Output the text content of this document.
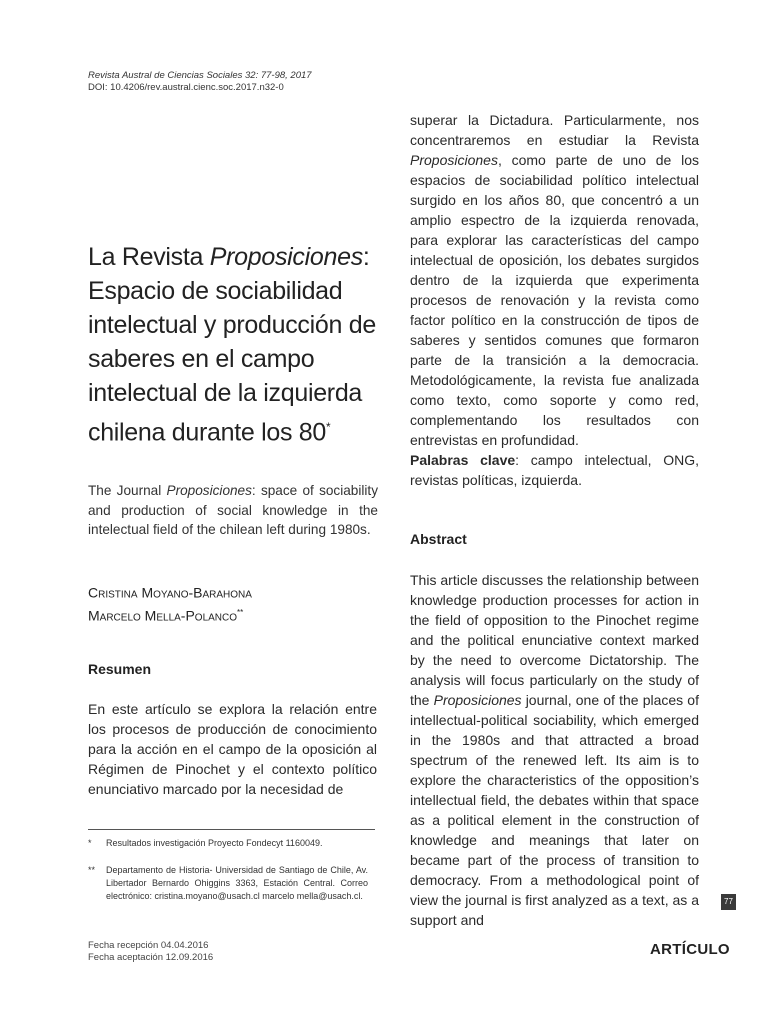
Revista Austral de Ciencias Sociales 32: 77-98, 2017
DOI: 10.4206/rev.austral.cienc.soc.2017.n32-0
La Revista Proposiciones: Espacio de sociabilidad intelectual y producción de saberes en el campo intelectual de la izquierda chilena durante los 80*
The Journal Proposiciones: space of sociability and production of social knowledge in the intelectual field of the chilean left during 1980s.
Cristina Moyano-Barahona
Marcelo Mella-Polanco**
Resumen
En este artículo se explora la relación entre los procesos de producción de conocimiento para la acción en el campo de la oposición al Régimen de Pinochet y el contexto político enunciativo marcado por la necesidad de
* Resultados investigación Proyecto Fondecyt 1160049.
** Departamento de Historia- Universidad de Santiago de Chile, Av. Libertador Bernardo Ohiggins 3363, Estación Central. Correo electrónico: cristina.moyano@usach.cl marcelo mella@usach.cl.
Fecha recepción 04.04.2016
Fecha aceptación 12.09.2016
superar la Dictadura. Particularmente, nos concentraremos en estudiar la Revista Proposiciones, como parte de uno de los espacios de sociabilidad político intelectual surgido en los años 80, que concentró a un amplio espectro de la izquierda renovada, para explorar las características del campo intelectual de oposición, los debates surgidos dentro de la izquierda que experimenta procesos de renovación y la revista como factor político en la construcción de tipos de saberes y sentidos comunes que formaron parte de la transición a la democracia. Metodológicamente, la revista fue analizada como texto, como soporte y como red, complementando los resultados con entrevistas en profundidad.
Palabras clave: campo intelectual, ONG, revistas políticas, izquierda.
Abstract
This article discusses the relationship between knowledge production processes for action in the field of opposition to the Pinochet regime and the political enunciative context marked by the need to overcome Dictatorship. The analysis will focus particularly on the study of the Proposiciones journal, one of the places of intellectual-political sociability, which emerged in the 1980s and that attracted a broad spectrum of the renewed left. Its aim is to explore the characteristics of the opposition’s intellectual field, the debates within that space as a political element in the construction of knowledge and meanings that later on became part of the process of transition to democracy. From a methodological point of view the journal is first analyzed as a text, as a support and
77
ARTÍCULO
